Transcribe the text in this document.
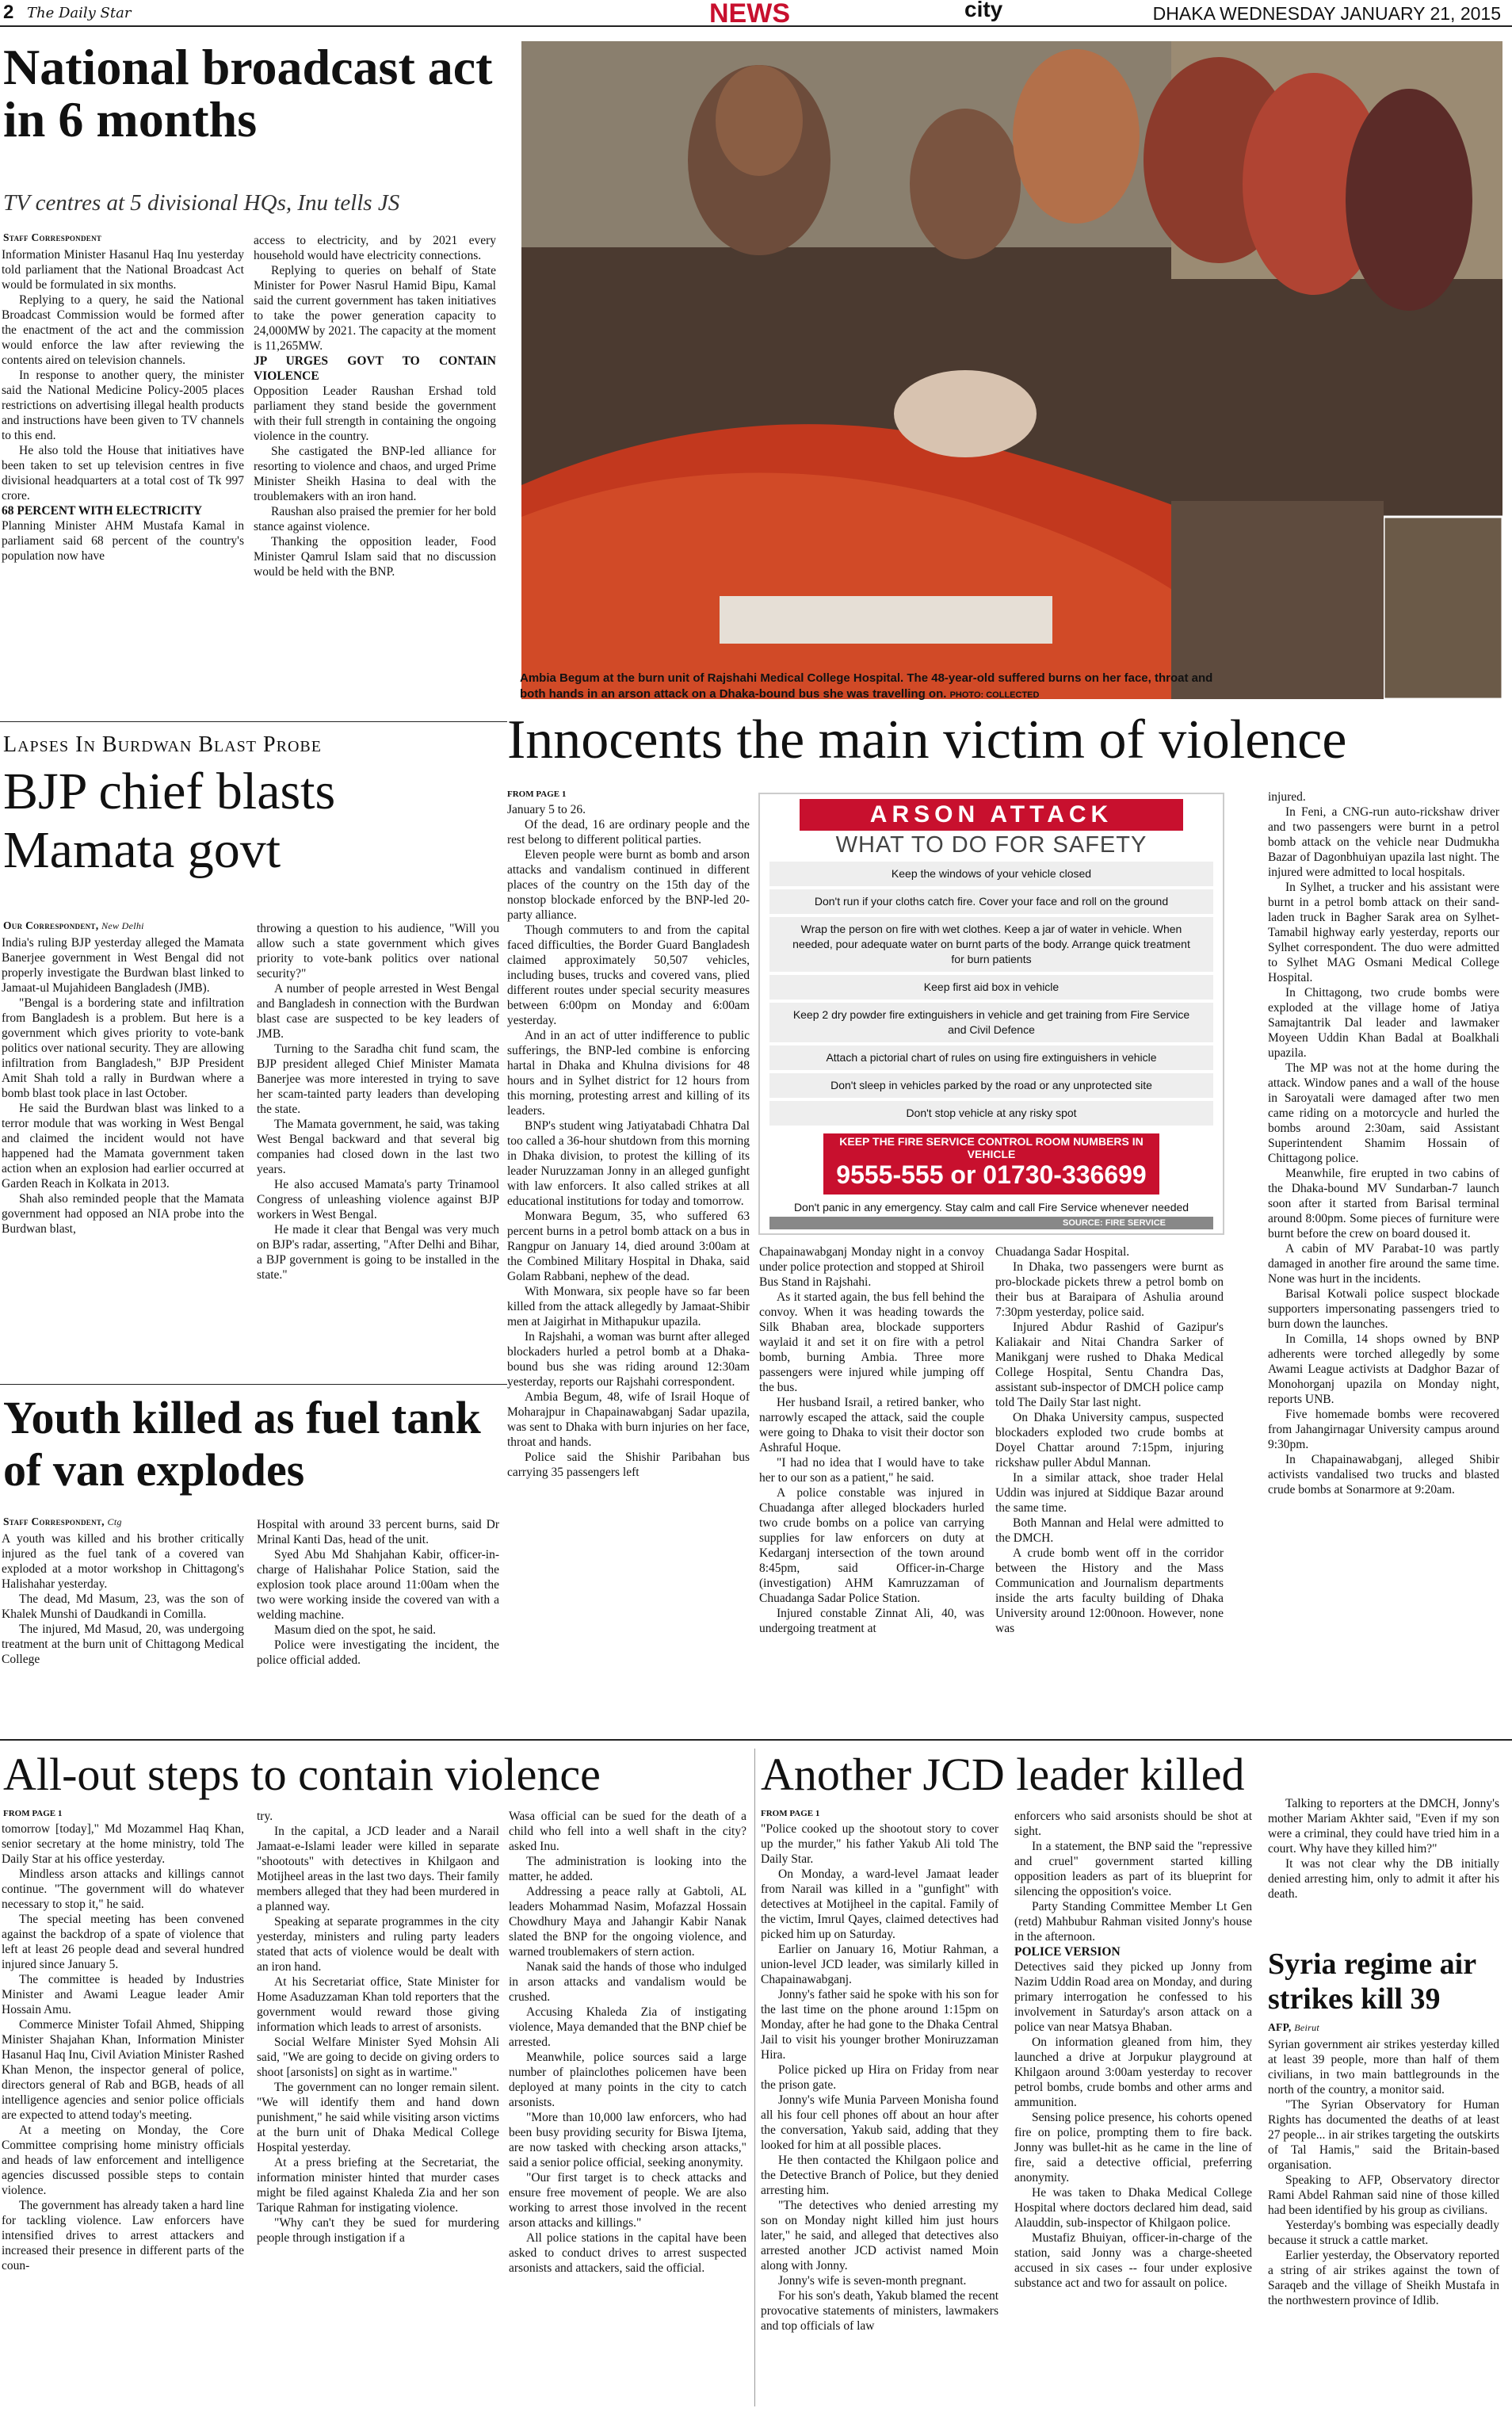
2 The Daily Star	NEWS	city	DHAKA WEDNESDAY JANUARY 21, 2015
National broadcast act in 6 months
TV centres at 5 divisional HQs, Inu tells JS
Staff Correspondent

Information Minister Hasanul Haq Inu yesterday told parliament that the National Broadcast Act would be formulated in six months.

Replying to a query, he said the National Broadcast Commission would be formed after the enactment of the act and the commission would enforce the law after reviewing the contents aired on television channels.

In response to another query, the minister said the National Medicine Policy-2005 places restrictions on advertising illegal health products and instructions have been given to TV channels to this end.

He also told the House that initiatives have been taken to set up television centres in five divisional headquarters at a total cost of Tk 997 crore.

68 PERCENT WITH ELECTRICITY

Planning Minister AHM Mustafa Kamal in parliament said 68 percent of the country's population now have

access to electricity, and by 2021 every household would have electricity connections.

Replying to queries on behalf of State Minister for Power Nasrul Hamid Bipu, Kamal said the current government has taken initiatives to take the power generation capacity to 24,000MW by 2021. The capacity at the moment is 11,265MW.

JP URGES GOVT TO CONTAIN VIOLENCE

Opposition Leader Raushan Ershad told parliament they stand beside the government with their full strength in containing the ongoing violence in the country.

She castigated the BNP-led alliance for resorting to violence and chaos, and urged Prime Minister Sheikh Hasina to deal with the troublemakers with an iron hand.

Raushan also praised the premier for her bold stance against violence.

Thanking the opposition leader, Food Minister Qamrul Islam said that no discussion would be held with the BNP.

Ambia Begum at the burn unit of Rajshahi Medical College Hospital. The 48-year-old suffered burns on her face, throat and both hands in an arson attack on a Dhaka-bound bus she was travelling on. PHOTO: COLLECTED
Lapses In Burdwan Blast Probe
BJP chief blasts Mamata govt
Our Correspondent, New Delhi

India's ruling BJP yesterday alleged the Mamata Banerjee government in West Bengal did not properly investigate the Burdwan blast linked to Jamaat-ul Mujahideen Bangladesh (JMB).

"Bengal is a bordering state and infiltration from Bangladesh is a problem. But here is a government which gives priority to vote-bank politics over national security. They are allowing infiltration from Bangladesh," BJP President Amit Shah told a rally in Burdwan where a bomb blast took place in last October.

He said the Burdwan blast was linked to a terror module that was working in West Bengal and claimed the incident would not have happened had the Mamata government taken action when an explosion had earlier occurred at Garden Reach in Kolkata in 2013.

Shah also reminded people that the Mamata government had opposed an NIA probe into the Burdwan blast,

throwing a question to his audience, "Will you allow such a state government which gives priority to vote-bank politics over national security?"

A number of people arrested in West Bengal and Bangladesh in connection with the Burdwan blast case are suspected to be key leaders of JMB.

Turning to the Saradha chit fund scam, the BJP president alleged Chief Minister Mamata Banerjee was more interested in trying to save her scam-tainted party leaders than developing the state.

The Mamata government, he said, was taking West Bengal backward and that several big companies had closed down in the last two years.

He also accused Mamata's party Trinamool Congress of unleashing violence against BJP workers in West Bengal.

He made it clear that Bengal was very much on BJP's radar, asserting, "After Delhi and Bihar, a BJP government is going to be installed in the state."

Youth killed as fuel tank of van explodes
Staff Correspondent, Ctg

A youth was killed and his brother critically injured as the fuel tank of a covered van exploded at a motor workshop in Chittagong's Halishahar yesterday.

The dead, Md Masum, 23, was the son of Khalek Munshi of Daudkandi in Comilla.

The injured, Md Masud, 20, was undergoing treatment at the burn unit of Chittagong Medical College

Hospital with around 33 percent burns, said Dr Mrinal Kanti Das, head of the unit.

Syed Abu Md Shahjahan Kabir, officer-in-charge of Halishahar Police Station, said the explosion took place around 11:00am when the two were working inside the covered van with a welding machine.

Masum died on the spot, he said.

Police were investigating the incident, the police official added.

Innocents the main victim of violence
FROM PAGE 1

January 5 to 26.

Of the dead, 16 are ordinary people and the rest belong to different political parties.

Eleven people were burnt as bomb and arson attacks and vandalism continued in different places of the country on the 15th day of the nonstop blockade enforced by the BNP-led 20-party alliance.

Though commuters to and from the capital faced difficulties, the Border Guard Bangladesh claimed approximately 50,507 vehicles, including buses, trucks and covered vans, plied different routes under special security measures between 6:00pm on Monday and 6:00am yesterday.

And in an act of utter indifference to public sufferings, the BNP-led combine is enforcing hartal in Dhaka and Khulna divisions for 48 hours and in Sylhet district for 12 hours from this morning, protesting arrest and killing of its leaders.

BNP's student wing Jatiyatabadi Chhatra Dal too called a 36-hour shutdown from this morning in Dhaka division, to protest the killing of its leader Nuruzzaman Jonny in an alleged gunfight with law enforcers. It also called strikes at all educational institutions for today and tomorrow.

Monwara Begum, 35, who suffered 63 percent burns in a petrol bomb attack on a bus in Rangpur on January 14, died around 3:00am at the Combined Military Hospital in Dhaka, said Golam Rabbani, nephew of the dead.

With Monwara, six people have so far been killed from the attack allegedly by Jamaat-Shibir men at Jaigirhat in Mithapukur upazila.

In Rajshahi, a woman was burnt after alleged blockaders hurled a petrol bomb at a Dhaka-bound bus she was riding around 12:30am yesterday, reports our Rajshahi correspondent.

Ambia Begum, 48, wife of Israil Hoque of Moharajpur in Chapainawabganj Sadar upazila, was sent to Dhaka with burn injuries on her face, throat and hands.

Police said the Shishir Paribahan bus carrying 35 passengers left

ARSON ATTACK
WHAT TO DO FOR SAFETY
Keep the windows of your vehicle closed
Don't run if your cloths catch fire. Cover your face and roll on the ground
Wrap the person on fire with wet clothes. Keep a jar of water in vehicle. When needed, pour adequate water on burnt parts of the body. Arrange quick treatment for burn patients
Keep first aid box in vehicle
Keep 2 dry powder fire extinguishers in vehicle and get training from Fire Service and Civil Defence
Attach a pictorial chart of rules on using fire extinguishers in vehicle
Don't sleep in vehicles parked by the road or any unprotected site
Don't stop vehicle at any risky spot
KEEP THE FIRE SERVICE CONTROL ROOM NUMBERS IN VEHICLE
9555-555 or 01730-336699
Don't panic in any emergency. Stay calm and call Fire Service whenever needed
SOURCE: FIRE SERVICE

Chapainawabganj Monday night in a convoy under police protection and stopped at Shiroil Bus Stand in Rajshahi.

As it started again, the bus fell behind the convoy. When it was heading towards the Silk Bhaban area, blockade supporters waylaid it and set it on fire with a petrol bomb, burning Ambia. Three more passengers were injured while jumping off the bus.

Her husband Israil, a retired banker, who narrowly escaped the attack, said the couple were going to Dhaka to visit their doctor son Ashraful Hoque.

"I had no idea that I would have to take her to our son as a patient," he said.

A police constable was injured in Chuadanga after alleged blockaders hurled two crude bombs on a police van carrying supplies for law enforcers on duty at Kedarganj intersection of the town around 8:45pm, said Officer-in-Charge (investigation) AHM Kamruzzaman of Chuadanga Sadar Police Station.

Injured constable Zinnat Ali, 40, was undergoing treatment at

Chuadanga Sadar Hospital.

In Dhaka, two passengers were burnt as pro-blockade pickets threw a petrol bomb on their bus at Baraipara of Ashulia around 7:30pm yesterday, police said.

Injured Abdur Rashid of Gazipur's Kaliakair and Nitai Chandra Sarker of Manikganj were rushed to Dhaka Medical College Hospital, Sentu Chandra Das, assistant sub-inspector of DMCH police camp told The Daily Star last night.

On Dhaka University campus, suspected blockaders exploded two crude bombs at Doyel Chattar around 7:15pm, injuring rickshaw puller Abdul Mannan.

In a similar attack, shoe trader Helal Uddin was injured at Siddique Bazar around the same time.

Both Mannan and Helal were admitted to the DMCH.

A crude bomb went off in the corridor between the History and the Mass Communication and Journalism departments inside the arts faculty building of Dhaka University around 12:00noon. However, none was

injured.

In Feni, a CNG-run auto-rickshaw driver and two passengers were burnt in a petrol bomb attack on the vehicle near Dudmukha Bazar of Dagonbhuiyan upazila last night. The injured were admitted to local hospitals.

In Sylhet, a trucker and his assistant were burnt in a petrol bomb attack on their sand-laden truck in Bagher Sarak area on Sylhet-Tamabil highway early yesterday, reports our Sylhet correspondent. The duo were admitted to Sylhet MAG Osmani Medical College Hospital.

In Chittagong, two crude bombs were exploded at the village home of Jatiya Samajtantrik Dal leader and lawmaker Moyeen Uddin Khan Badal at Boalkhali upazila.

The MP was not at the home during the attack. Window panes and a wall of the house in Saroyatali were damaged after two men came riding on a motorcycle and hurled the bombs around 2:30am, said Assistant Superintendent Shamim Hossain of Chittagong police.

Meanwhile, fire erupted in two cabins of the Dhaka-bound MV Sundarban-7 launch soon after it started from Barisal terminal around 8:00pm. Some pieces of furniture were burnt before the crew on board doused it.

A cabin of MV Parabat-10 was partly damaged in another fire around the same time. None was hurt in the incidents.

Barisal Kotwali police suspect blockade supporters impersonating passengers tried to burn down the launches.

In Comilla, 14 shops owned by BNP adherents were torched allegedly by some Awami League activists at Dadghor Bazar of Monohorganj upazila on Monday night, reports UNB.

Five homemade bombs were recovered from Jahangirnagar University campus around 9:30pm.

In Chapainawabganj, alleged Shibir activists vandalised two trucks and blasted crude bombs at Sonarmore at 9:20am.

All-out steps to contain violence
FROM PAGE 1

tomorrow [today]," Md Mozammel Haq Khan, senior secretary at the home ministry, told The Daily Star at his office yesterday.

Mindless arson attacks and killings cannot continue. "The government will do whatever necessary to stop it," he said.

The special meeting has been convened against the backdrop of a spate of violence that left at least 26 people dead and several hundred injured since January 5.

The committee is headed by Industries Minister and Awami League leader Amir Hossain Amu.

Commerce Minister Tofail Ahmed, Shipping Minister Shajahan Khan, Information Minister Hasanul Haq Inu, Civil Aviation Minister Rashed Khan Menon, the inspector general of police, directors general of Rab and BGB, heads of all intelligence agencies and senior police officials are expected to attend today's meeting.

At a meeting on Monday, the Core Committee comprising home ministry officials and heads of law enforcement and intelligence agencies discussed possible steps to contain violence.

The government has already taken a hard line for tackling violence. Law enforcers have intensified drives to arrest attackers and increased their presence in different parts of the coun-

try.

In the capital, a JCD leader and a Narail Jamaat-e-Islami leader were killed in separate "shootouts" with detectives in Khilgaon and Motijheel areas in the last two days. Their family members alleged that they had been murdered in a planned way.

Speaking at separate programmes in the city yesterday, ministers and ruling party leaders stated that acts of violence would be dealt with an iron hand.

At his Secretariat office, State Minister for Home Asaduzzaman Khan told reporters that the government would reward those giving information which leads to arrest of arsonists.

Social Welfare Minister Syed Mohsin Ali said, "We are going to decide on giving orders to shoot [arsonists] on sight as in wartime."

The government can no longer remain silent. "We will identify them and hand down punishment," he said while visiting arson victims at the burn unit of Dhaka Medical College Hospital yesterday.

At a press briefing at the Secretariat, the information minister hinted that murder cases might be filed against Khaleda Zia and her son Tarique Rahman for instigating violence.

"Why can't they be sued for murdering people through instigation if a

Wasa official can be sued for the death of a child who fell into a well shaft in the city? asked Inu.

The administration is looking into the matter, he added.

Addressing a peace rally at Gabtoli, AL leaders Mohammad Nasim, Mofazzal Hossain Chowdhury Maya and Jahangir Kabir Nanak slated the BNP for the ongoing violence, and warned troublemakers of stern action.

Nanak said the hands of those who indulged in arson attacks and vandalism would be crushed.

Accusing Khaleda Zia of instigating violence, Maya demanded that the BNP chief be arrested.

Meanwhile, police sources said a large number of plainclothes policemen have been deployed at many points in the city to catch arsonists.

"More than 10,000 law enforcers, who had been busy providing security for Biswa Ijtema, are now tasked with checking arson attacks," said a senior police official, seeking anonymity.

"Our first target is to check attacks and ensure free movement of people. We are also working to arrest those involved in the recent arson attacks and killings."

All police stations in the capital have been asked to conduct drives to arrest suspected arsonists and attackers, said the official.

Another JCD leader killed
FROM PAGE 1

"Police cooked up the shootout story to cover up the murder," his father Yakub Ali told The Daily Star.

On Monday, a ward-level Jamaat leader from Narail was killed in a "gunfight" with detectives at Motijheel in the capital. Family of the victim, Imrul Qayes, claimed detectives had picked him up on Saturday.

Earlier on January 16, Motiur Rahman, a union-level JCD leader, was similarly killed in Chapainawabganj.

Jonny's father said he spoke with his son for the last time on the phone around 1:15pm on Monday, after he had gone to the Dhaka Central Jail to visit his younger brother Moniruzzaman Hira.

Police picked up Hira on Friday from near the prison gate.

Jonny's wife Munia Parveen Monisha found all his four cell phones off about an hour after the conversation, Yakub said, adding that they looked for him at all possible places.

He then contacted the Khilgaon police and the Detective Branch of Police, but they denied arresting him.

"The detectives who denied arresting my son on Monday night killed him just hours later," he said, and alleged that detectives also arrested another JCD activist named Moin along with Jonny.

Jonny's wife is seven-month pregnant.

For his son's death, Yakub blamed the recent provocative statements of ministers, lawmakers and top officials of law

enforcers who said arsonists should be shot at sight.

In a statement, the BNP said the "repressive and cruel" government started killing opposition leaders as part of its blueprint for silencing the opposition's voice.

Party Standing Committee Member Lt Gen (retd) Mahbubur Rahman visited Jonny's house in the afternoon.

POLICE VERSION

Detectives said they picked up Jonny from Nazim Uddin Road area on Monday, and during primary interrogation he confessed to his involvement in Saturday's arson attack on a police van near Matsya Bhaban.

On information gleaned from him, they launched a drive at Jorpukur playground at Khilgaon around 3:00am yesterday to recover petrol bombs, crude bombs and other arms and ammunition.

Sensing police presence, his cohorts opened fire on police, prompting them to fire back. Jonny was bullet-hit as he came in the line of fire, said a detective official, preferring anonymity.

He was taken to Dhaka Medical College Hospital where doctors declared him dead, said Alauddin, sub-inspector of Khilgaon police.

Mustafiz Bhuiyan, officer-in-charge of the station, said Jonny was a charge-sheeted accused in six cases -- four under explosive substance act and two for assault on police.

Talking to reporters at the DMCH, Jonny's mother Mariam Akhter said, "Even if my son were a criminal, they could have tried him in a court. Why have they killed him?"

It was not clear why the DB initially denied arresting him, only to admit it after his death.

Syria regime air strikes kill 39
AFP, Beirut

Syrian government air strikes yesterday killed at least 39 people, more than half of them civilians, in two main battlegrounds in the north of the country, a monitor said.

"The Syrian Observatory for Human Rights has documented the deaths of at least 27 people... in air strikes targeting the outskirts of Tal Hamis," said the Britain-based organisation.

Speaking to AFP, Observatory director Rami Abdel Rahman said nine of those killed had been identified by his group as civilians.

Yesterday's bombing was especially deadly because it struck a cattle market.

Earlier yesterday, the Observatory reported a string of air strikes against the town of Saraqeb and the village of Sheikh Mustafa in the northwestern province of Idlib.
